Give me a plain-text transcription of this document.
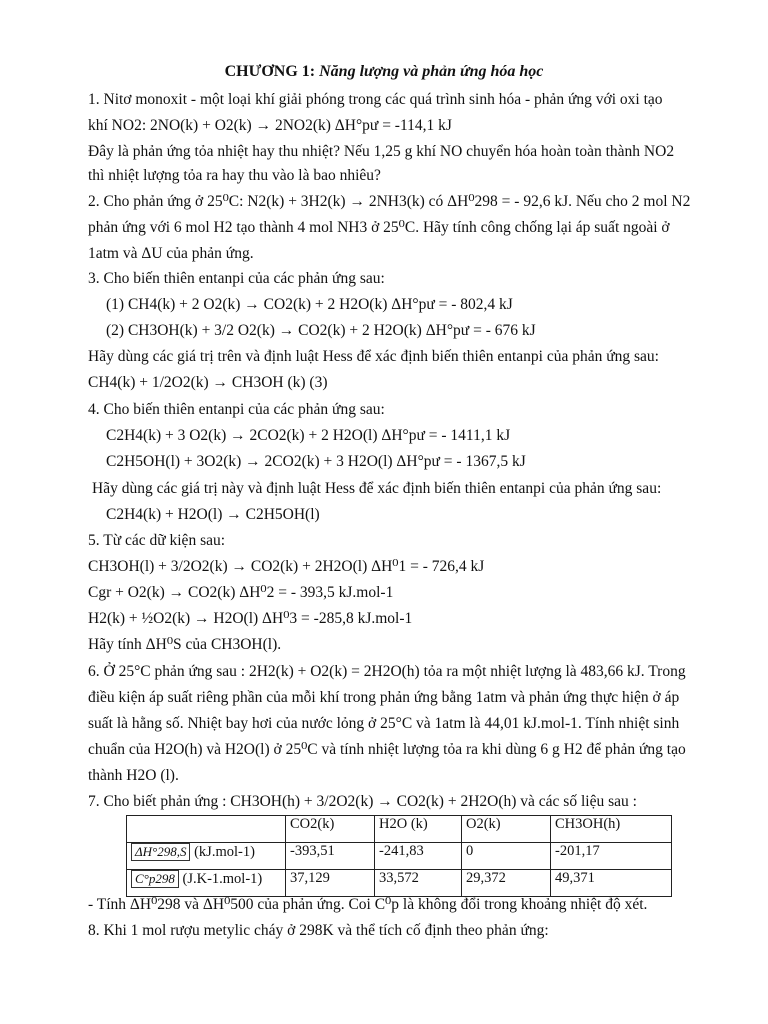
CHƯƠNG 1: Năng lượng và phản ứng hóa học
1. Nitơ monoxit - một loại khí giải phóng trong các quá trình sinh hóa - phản ứng với oxi tạo
khí NO2: 2NO(k) + O2(k) → 2NO2(k) ΔH°pư = -114,1 kJ
Đây là phản ứng tỏa nhiệt hay thu nhiệt? Nếu 1,25 g khí NO chuyển hóa hoàn toàn thành NO2
thì nhiệt lượng tỏa ra hay thu vào là bao nhiêu?
2. Cho phản ứng ở 25⁰C: N2(k) + 3H2(k) → 2NH3(k) có ΔH⁰298 = - 92,6 kJ. Nếu cho 2 mol N2
phản ứng với 6 mol H2 tạo thành 4 mol NH3 ở 25⁰C. Hãy tính công chống lại áp suất ngoài ở
1atm và ΔU của phản ứng.
3. Cho biến thiên entanpi của các phản ứng sau:
(1) CH4(k) + 2 O2(k) → CO2(k) + 2 H2O(k) ΔH°pư = - 802,4 kJ
(2) CH3OH(k) + 3/2 O2(k) → CO2(k) + 2 H2O(k) ΔH°pư = - 676 kJ
Hãy dùng các giá trị trên và định luật Hess để xác định biến thiên entanpi của phản ứng sau:
CH4(k) + 1/2O2(k) → CH3OH (k) (3)
4. Cho biến thiên entanpi của các phản ứng sau:
C2H4(k) + 3 O2(k) → 2CO2(k) + 2 H2O(l) ΔH°pư = - 1411,1 kJ
C2H5OH(l) + 3O2(k) → 2CO2(k) + 3 H2O(l) ΔH°pư = - 1367,5 kJ
Hãy dùng các giá trị này và định luật Hess để xác định biến thiên entanpi của phản ứng sau:
C2H4(k) + H2O(l) → C2H5OH(l)
5. Từ các dữ kiện sau:
CH3OH(l) + 3/2O2(k) → CO2(k) + 2H2O(l) ΔH⁰1 = - 726,4 kJ
Cgr + O2(k) → CO2(k) ΔH⁰2 = - 393,5 kJ.mol-1
H2(k) + ½O2(k) → H2O(l) ΔH⁰3 = -285,8 kJ.mol-1
Hãy tính ΔH⁰S của CH3OH(l).
6. Ở 25°C phản ứng sau : 2H2(k) + O2(k) = 2H2O(h) tỏa ra một nhiệt lượng là 483,66 kJ. Trong
điều kiện áp suất riêng phần của mỗi khí trong phản ứng bằng 1atm và phản ứng thực hiện ở áp
suất là hằng số. Nhiệt bay hơi của nước lỏng ở 25°C và 1atm là 44,01 kJ.mol-1. Tính nhiệt sinh
chuẩn của H2O(h) và H2O(l) ở 25⁰C và tính nhiệt lượng tỏa ra khi dùng 6 g H2 để phản ứng tạo
thành H2O (l).
7. Cho biết phản ứng : CH3OH(h) + 3/2O2(k) → CO2(k) + 2H2O(h) và các số liệu sau :
	CO2(k)	H2O (k)	O2(k)	CH3OH(h)
ΔH°298,S (kJ.mol-1)	-393,51	-241,83	0	-201,17
C°p298 (J.K-1.mol-1)	37,129	33,572	29,372	49,371
- Tính ΔH⁰298 và ΔH⁰500 của phản ứng. Coi C⁰p là không đổi trong khoảng nhiệt độ xét.
8. Khi 1 mol rượu metylic cháy ở 298K và thể tích cố định theo phản ứng:
